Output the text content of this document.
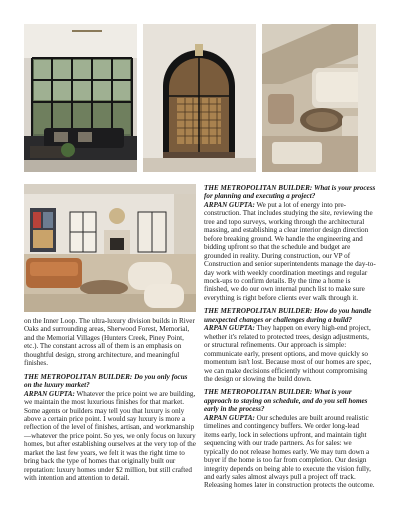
on the Inner Loop. The ultra-luxury division builds in River Oaks and surrounding areas, Sherwood Forest, Memorial, and the Memorial Villages (Hunters Creek, Piney Point, etc.). The constant across all of them is an emphasis on thoughtful design, strong architecture, and meaningful finishes.

THE METROPOLITAN BUILDER: Do you only focus on the luxury market?
ARPAN GUPTA: Whatever the price point we are building, we maintain the most luxurious finishes for that market. Some agents or builders may tell you that luxury is only above a certain price point. I would say luxury is more a reflection of the level of finishes, artisan, and workmanship—whatever the price point. So yes, we only focus on luxury homes, but after establishing ourselves at the very top of the market the last few years, we felt it was the right time to bring back the type of homes that originally built our reputation: luxury homes under $2 million, but still crafted with intention and attention to detail.

THE METROPOLITAN BUILDER: What is your process for planning and executing a project?
ARPAN GUPTA: We put a lot of energy into pre-construction. That includes studying the site, reviewing the tree and topo surveys, working through the architectural massing, and establishing a clear interior design direction before breaking ground. We handle the engineering and bidding upfront so that the schedule and budget are grounded in reality. During construction, our VP of Construction and senior superintendents manage the day-to-day work with weekly coordination meetings and regular mock-ups to confirm details. By the time a home is finished, we do our own internal punch list to make sure everything is right before clients ever walk through it.

THE METROPOLITAN BUILDER: How do you handle unexpected changes or challenges during a build?
ARPAN GUPTA: They happen on every high-end project, whether it's related to protected trees, design adjustments, or structural refinements. Our approach is simple: communicate early, present options, and move quickly so momentum isn't lost. Because most of our homes are spec, we can make decisions efficiently without compromising the design or slowing the build down.

THE METROPOLITAN BUILDER: What is your approach to staying on schedule, and do you sell homes early in the process?
ARPAN GUPTA: Our schedules are built around realistic timelines and contingency buffers. We order long-lead items early, lock in selections upfront, and maintain tight sequencing with our trade partners. As for sales: we typically do not release homes early. We may turn down a buyer if the home is too far from completion. Our design integrity depends on being able to execute the vision fully, and early sales almost always pull a project off track. Releasing homes later in construction protects the outcome.
